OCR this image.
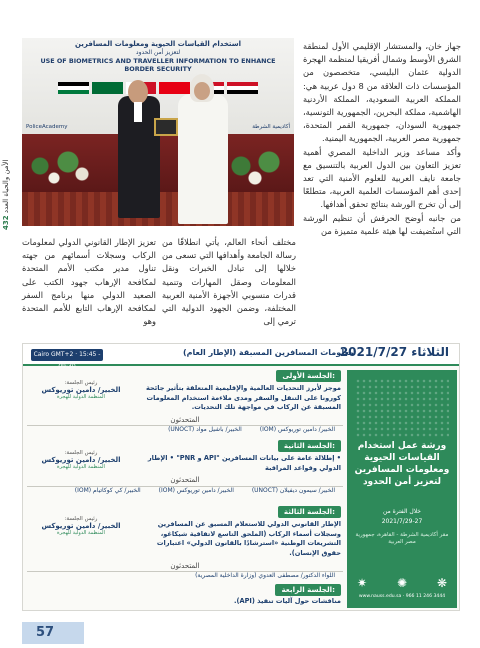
الأمن والحياة العدد 432
استخدام القياسات الحيوية ومعلومات المسافرين
لتعزيز أمن الحدود
USE OF BIOMETRICS AND TRAVELLER INFORMATION TO ENHANCE BORDER SECURITY
PoliceAcademy	أكاديمية الشرطة

جهاز خان، والمستشار الإقليمي الأول لمنطقة الشرق الأوسط وشمال أفريقيا لمنظمة الهجرة الدولية عثمان البليسي، متخصصون من المؤسسات ذات العلاقة من 8 دول عربية هي: المملكة العربية السعودية، المملكة الأردنية الهاشمية، مملكة البحرين، الجمهورية التونسية، جمهورية السودان، جمهورية القمر المتحدة، جمهورية مصر العربية، الجمهورية اليمنية.

وأكد مساعد وزير الداخلية المصري أهمية تعزيز التعاون بين الدول العربية بالتنسيق مع جامعة نايف العربية للعلوم الأمنية التي تعد إحدى أهم المؤسسات العلمية العربية، متطلعًا إلى أن تخرج الورشة بنتائج تحقق أهدافها.

من جانبه أوضح الحرفش أن تنظيم الورشة التي استُضيفت لها هيئة علمية متميزة من

مختلف أنحاء العالم، يأتي انطلاقًا من رسالة الجامعة وأهدافها التي تسعى من خلالها إلى تبادل الخبرات ونقل المعلومات وصقل المهارات وتنمية قدرات منسوبي الأجهزة الأمنية العربية المختلفة، وضمن الجهود الدولية التي ترمي إلى
تعزيز الإطار القانوني الدولي لمعلومات الركاب وسجلات أسمائهم من جهته تناول مدير مكتب الأمم المتحدة لمكافحة الإرهاب جهود الكتب على الصعيد الدولي منها برنامج السفر لمكافحة الإرهاب التابع للأمم المتحدة وهو
الثلاثاء 2021/7/27
معلومات المسافرين المسبقة (الإطار العام)
Cairo GMT+2 · 15:45 - 09:30
الجلسة الأولى:
موجز لأبرز التحديات العالمية والإقليمية المتعلقة بتأثير جائحة كورونا على التنقل والسفر ومدى ملاءمة استخدام المعلومات المسبقة عن الركاب في مواجهة تلك التحديات.
رئيس الجلسة:
الخبير/ دامين توريوكس
المنظمة الدولية للهجرة
المتحدثون
الخبير/ دامين توريوكس (IOM) الخبير/ باشيل مواد (UNOCT)
الجلسة الثانية:
• إطلالة عامة على بيانات المسافرين "API و PNR" • الإطار الدولي وقواعد المراقبة
رئيس الجلسة:
الخبير/ دامين توريوكس
المنظمة الدولية للهجرة
المتحدثون
الخبير/ سيمون ديفيلان (UNOCT) الخبير/ دامين توريوكس (IOM) الخبير/ كي كوكاتيام (IOM)
الجلسة الثالثة:
الإطار القانوني الدولي للاستعلام المسبق عن المسافرين وسجلات أسماء الركاب (الملحق التاسع لاتفاقية شيكاغو، التشريعات الوطنية «استرشادًا بالقانون الدولي» اعتبارات حقوق الإنسان).
رئيس الجلسة:
الخبير/ دامين توريوكس
المنظمة الدولية للهجرة
المتحدثون
اللواء الدكتور/ مصطفى العدوي (وزارة الداخلية المصرية)
الجلسة الرابعة:
مناقشات حول آليات تنفيذ (API).
ورشة عمل استخدام القياسات الحيوية ومعلومات المسافرين لتعزيز أمن الحدود
خلال الفترة من
2021/7/29-27
مقر أكاديمية الشرطة - القاهرة، جمهورية مصر العربية
✷ ✺ ❋
www.nauss.edu.sa · 966 11 246 3444
57
